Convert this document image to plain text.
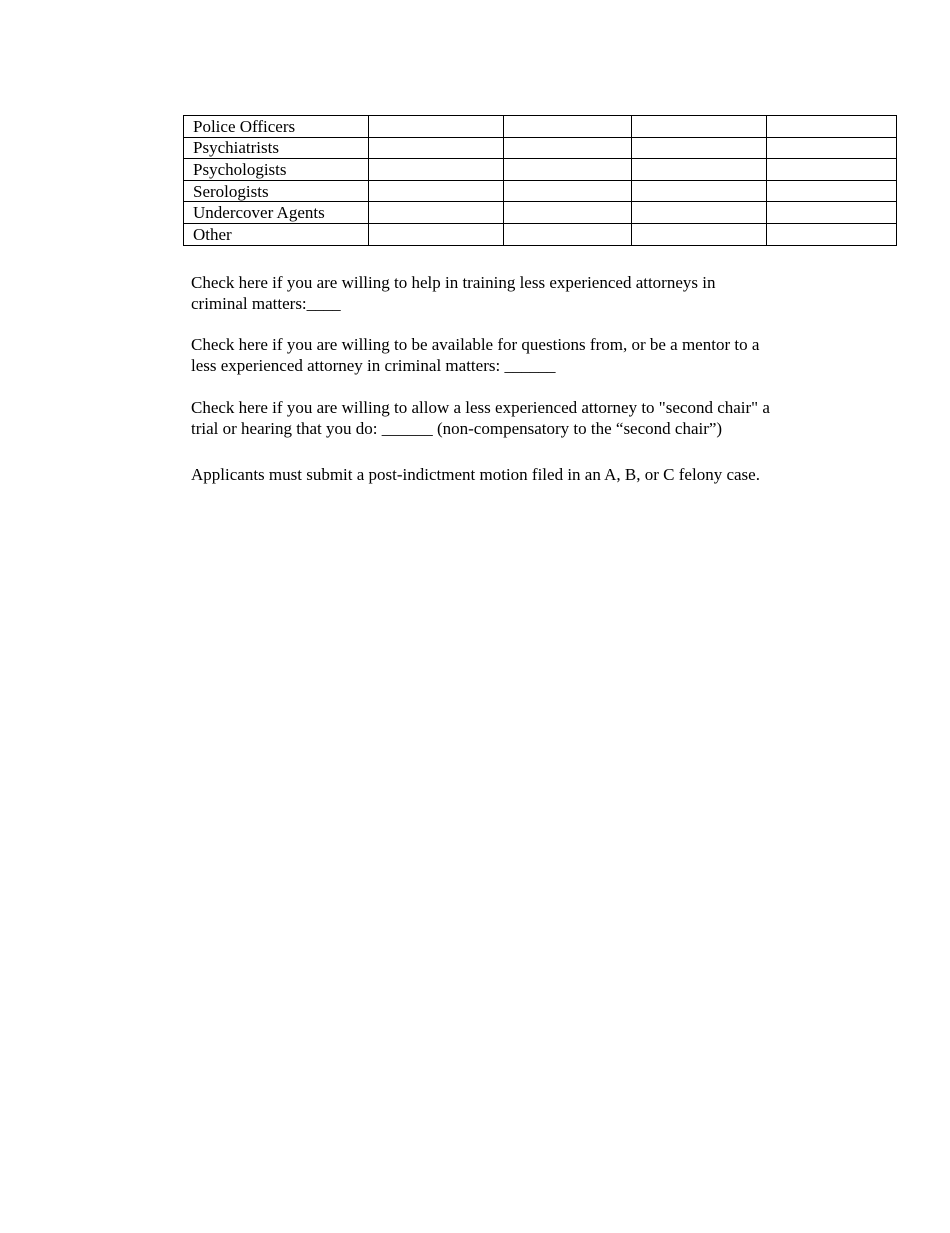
Police Officers				
Psychiatrists				
Psychologists				
Serologists				
Undercover Agents				
Other				

Check here if you are willing to help in training less experienced attorneys in
criminal matters:____

Check here if you are willing to be available for questions from, or be a mentor to a
less experienced attorney in criminal matters: ______

Check here if you are willing to allow a less experienced attorney to "second chair" a
trial or hearing that you do: ______ (non-compensatory to the “second chair”)

Applicants must submit a post-indictment motion filed in an A, B, or C felony case.
